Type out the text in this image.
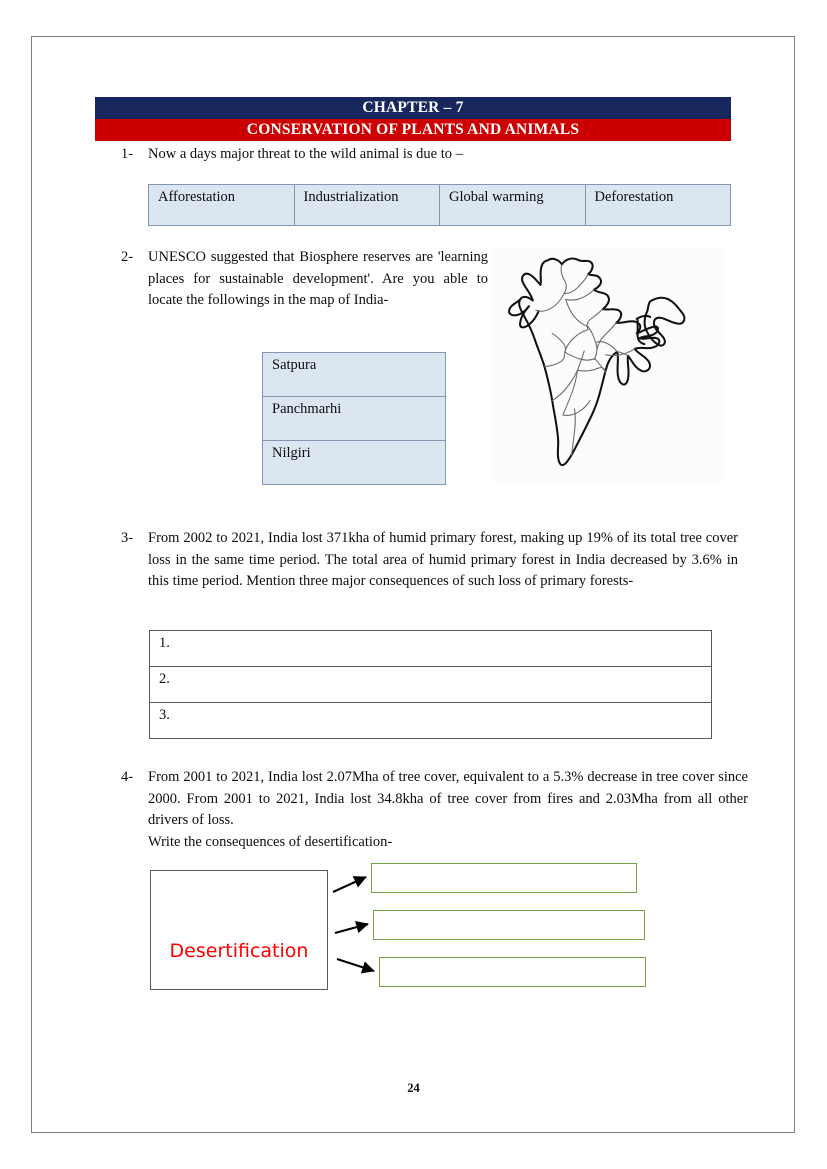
CHAPTER – 7
CONSERVATION OF PLANTS AND ANIMALS
1-	Now a days major threat to the wild animal is due to –
Afforestation	Industrialization	Global warming	Deforestation
2-	UNESCO suggested that Biosphere reserves are 'learning places for sustainable development'. Are you able to locate the followings in the map of India-
Satpura
Panchmarhi
Nilgiri
3-	From 2002 to 2021, India lost 371kha of humid primary forest, making up 19% of its total tree cover loss in the same time period. The total area of humid primary forest in India decreased by 3.6% in this time period. Mention three major consequences of such loss of primary forests-
1.
2.
3.
4-	From 2001 to 2021, India lost 2.07Mha of tree cover, equivalent to a 5.3% decrease in tree cover since 2000. From 2001 to 2021, India lost 34.8kha of tree cover from fires and 2.03Mha from all other drivers of loss.
Write the consequences of desertification-
Desertification
24
